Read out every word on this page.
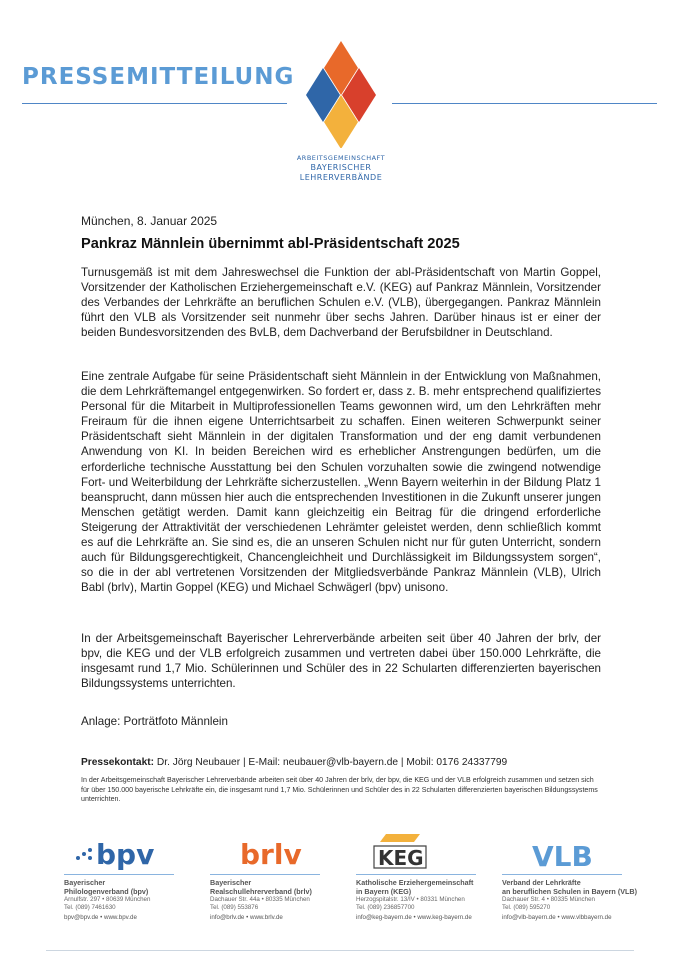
PRESSEMITTEILUNG
ARBEITSGEMEINSCHAFT
BAYERISCHER
LEHRERVERBÄNDE

München, 8. Januar 2025

Pankraz Männlein übernimmt abl-Präsidentschaft 2025

Turnusgemäß ist mit dem Jahreswechsel die Funktion der abl-Präsidentschaft von Martin Goppel, Vorsitzender der Katholischen Erziehergemeinschaft e.V. (KEG) auf Pankraz Männlein, Vorsitzender des Verbandes der Lehrkräfte an beruflichen Schulen e.V. (VLB), übergegangen. Pankraz Männlein führt den VLB als Vorsitzender seit nunmehr über sechs Jahren. Darüber hinaus ist er einer der beiden Bundesvorsitzenden des BvLB, dem Dachverband der Berufsbildner in Deutschland.

Eine zentrale Aufgabe für seine Präsidentschaft sieht Männlein in der Entwicklung von Maßnahmen, die dem Lehrkräftemangel entgegenwirken. So fordert er, dass z. B. mehr entsprechend qualifiziertes Personal für die Mitarbeit in Multiprofessionellen Teams gewonnen wird, um den Lehrkräften mehr Freiraum für die ihnen eigene Unterrichtsarbeit zu schaffen. Einen weiteren Schwerpunkt seiner Präsidentschaft sieht Männlein in der digitalen Transformation und der eng damit verbundenen Anwendung von KI. In beiden Bereichen wird es erheblicher Anstrengungen bedürfen, um die erforderliche technische Ausstattung bei den Schulen vorzuhalten sowie die zwingend notwendige Fort- und Weiterbildung der Lehrkräfte sicherzustellen. „Wenn Bayern weiterhin in der Bildung Platz 1 beansprucht, dann müssen hier auch die entsprechenden Investitionen in die Zukunft unserer jungen Menschen getätigt werden. Damit kann gleichzeitig ein Beitrag für die dringend erforderliche Steigerung der Attraktivität der verschiedenen Lehrämter geleistet werden, denn schließlich kommt es auf die Lehrkräfte an. Sie sind es, die an unseren Schulen nicht nur für guten Unterricht, sondern auch für Bildungsgerechtigkeit, Chancengleichheit und Durchlässigkeit im Bildungssystem sorgen“, so die in der abl vertretenen Vorsitzenden der Mitgliedsverbände Pankraz Männlein (VLB), Ulrich Babl (brlv), Martin Goppel (KEG) und Michael Schwägerl (bpv) unisono.

In der Arbeitsgemeinschaft Bayerischer Lehrerverbände arbeiten seit über 40 Jahren der brlv, der bpv, die KEG und der VLB erfolgreich zusammen und vertreten dabei über 150.000 Lehrkräfte, die insgesamt rund 1,7 Mio. Schülerinnen und Schüler des in 22 Schularten differenzierten bayerischen Bildungssystems unterrichten.

Anlage: Porträtfoto Männlein

Pressekontakt: Dr. Jörg Neubauer | E-Mail: neubauer@vlb-bayern.de | Mobil: 0176 24337799

In der Arbeitsgemeinschaft Bayerischer Lehrerverbände arbeiten seit über 40 Jahren der brlv, der bpv, die KEG und der VLB erfolgreich zusammen und setzen sich für über 150.000 bayerische Lehrkräfte ein, die insgesamt rund 1,7 Mio. Schülerinnen und Schüler des in 22 Schularten differenzierten bayerischen Bildungssystems unterrichten.

bpv
Bayerischer
Philologenverband (bpv)
Arnulfstr. 297 • 80639 München
Tel. (089) 7461630
bpv@bpv.de • www.bpv.de
brlv
Bayerischer
Realschullehrerverband (brlv)
Dachauer Str. 44a • 80335 München
Tel. (089) 553876
info@brlv.de • www.brlv.de
KEG
Katholische Erziehergemeinschaft
in Bayern (KEG)
Herzogspitalstr. 13/IV • 80331 München
Tel. (089) 236857700
info@keg-bayern.de • www.keg-bayern.de
VLB
Verband der Lehrkräfte
an beruflichen Schulen in Bayern (VLB)
Dachauer Str. 4 • 80335 München
Tel. (089) 595270
info@vlb-bayern.de • www.vlbbayern.de
